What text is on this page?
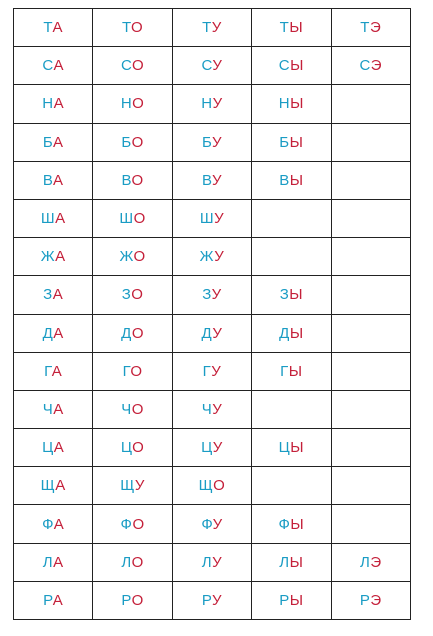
ТА	ТО	ТУ	ТЫ	ТЭ
СА	СО	СУ	СЫ	СЭ
НА	НО	НУ	НЫ	
БА	БО	БУ	БЫ	
ВА	ВО	ВУ	ВЫ	
ША	ШО	ШУ		
ЖА	ЖО	ЖУ		
ЗА	ЗО	ЗУ	ЗЫ	
ДА	ДО	ДУ	ДЫ	
ГА	ГО	ГУ	ГЫ	
ЧА	ЧО	ЧУ		
ЦА	ЦО	ЦУ	ЦЫ	
ЩА	ЩУ	ЩО		
ФА	ФО	ФУ	ФЫ	
ЛА	ЛО	ЛУ	ЛЫ	ЛЭ
РА	РО	РУ	РЫ	РЭ
